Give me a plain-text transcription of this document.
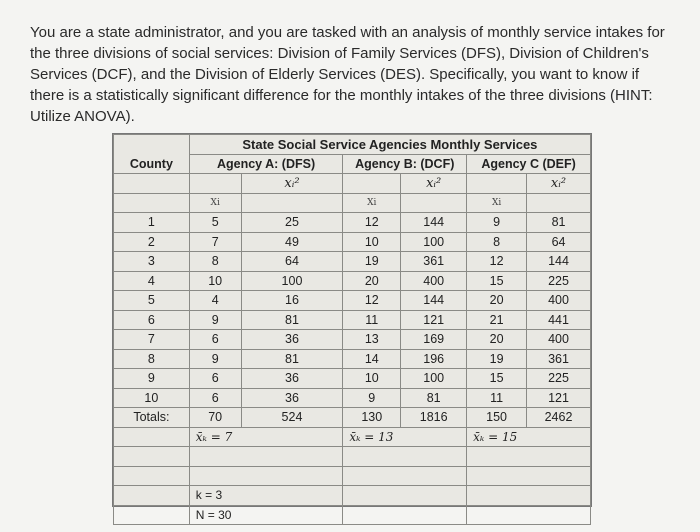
You are a state administrator, and you are tasked with an analysis of monthly service intakes for the three divisions of social services: Division of Family Services (DFS), Division of Children's Services (DCF), and the Division of Elderly Services (DES). Specifically, you want to know if there is a statistically significant difference for the monthly intakes of the three divisions (HINT: Utilize ANOVA).
	State Social Service Agencies Monthly Services					
County	Agency A: (DFS)		Agency B: (DCF)		Agency C (DEF)	
		xᵢ²		xᵢ²		xᵢ²
	Xi		Xi		Xi	
1	5	25	12	144	9	81
2	7	49	10	100	8	64
3	8	64	19	361	12	144
4	10	100	20	400	15	225
5	4	16	12	144	20	400
6	9	81	11	121	21	441
7	6	36	13	169	20	400
8	9	81	14	196	19	361
9	6	36	10	100	15	225
10	6	36	9	81	11	121
Totals:	70	524	130	1816	150	2462
	x̄ₖ = 7		x̄ₖ = 13		x̄ₖ = 15	

	k = 3					
	N = 30					
